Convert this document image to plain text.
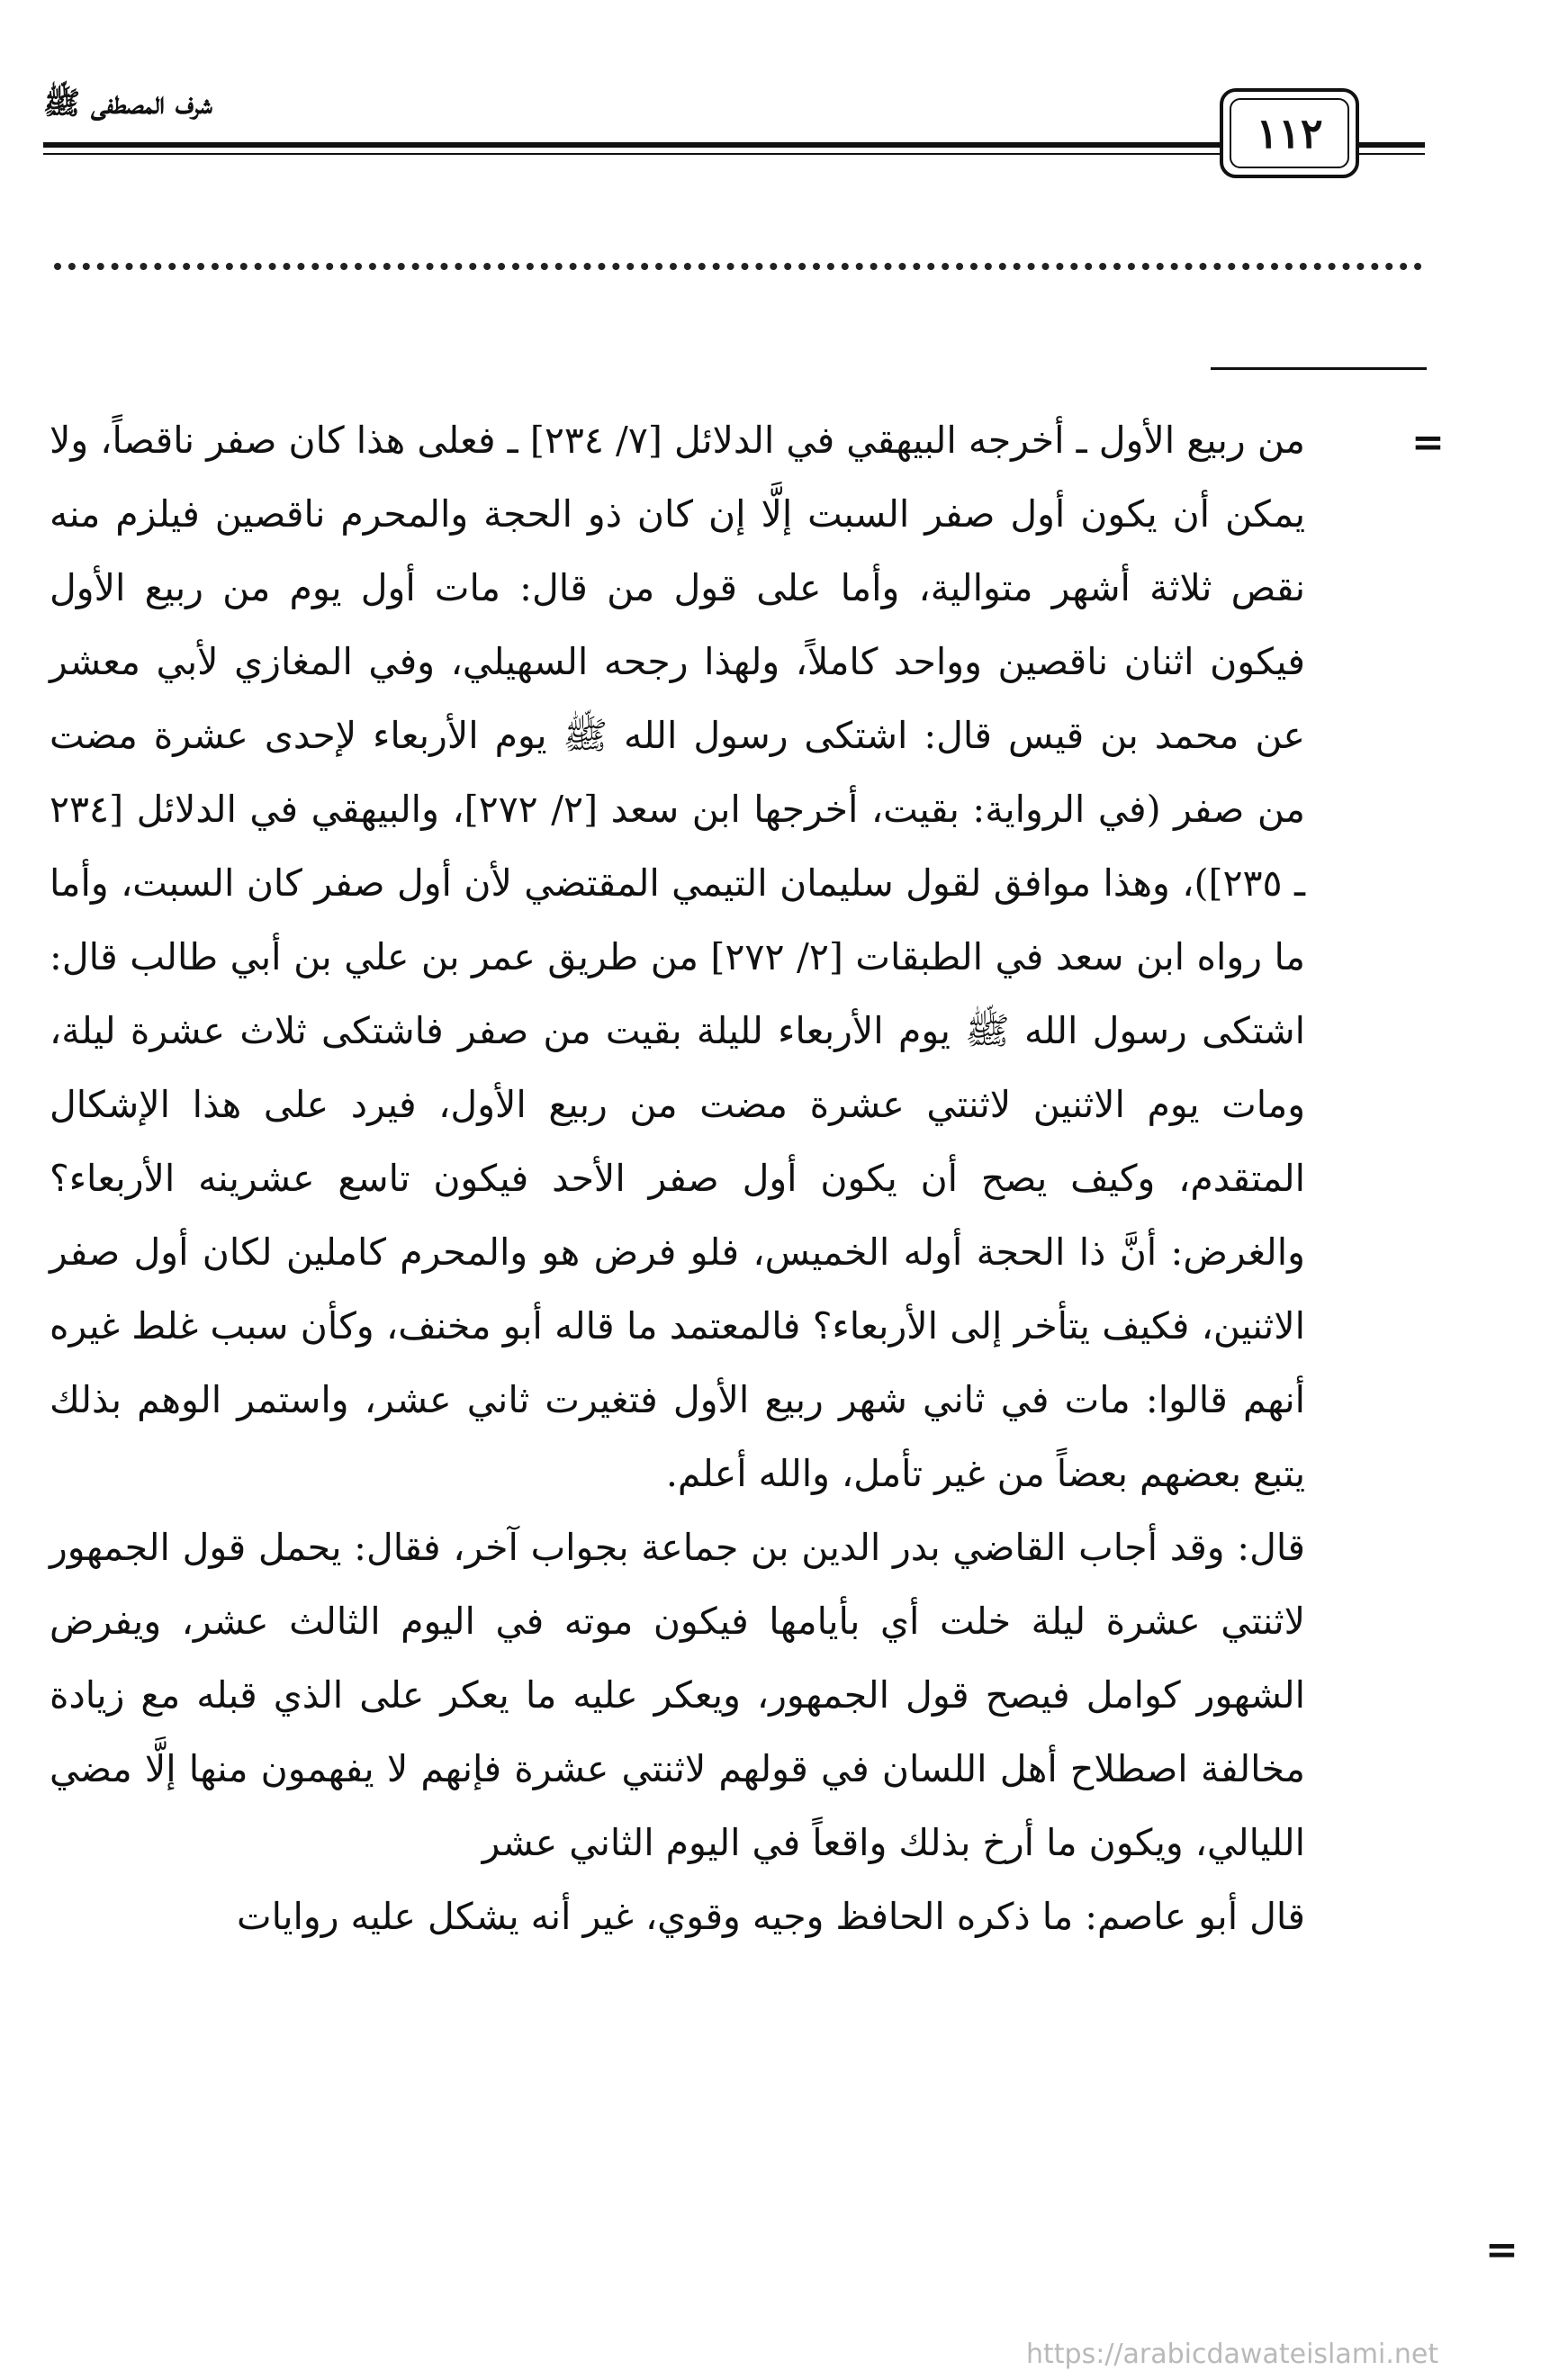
شرف المصطفى ﷺ
١١٢
=
=

من ربيع الأول ـ أخرجه البيهقي في الدلائل [٧/ ٢٣٤] ـ فعلى هذا كان صفر ناقصاً، ولا يمكن أن يكون أول صفر السبت إلَّا إن كان ذو الحجة والمحرم ناقصين فيلزم منه نقص ثلاثة أشهر متوالية، وأما على قول من قال: مات أول يوم من ربيع الأول فيكون اثنان ناقصين وواحد كاملاً، ولهذا رجحه السهيلي، وفي المغازي لأبي معشر عن محمد بن قيس قال: اشتكى رسول الله ﷺ يوم الأربعاء لإحدى عشرة مضت من صفر (في الرواية: بقيت، أخرجها ابن سعد [٢/ ٢٧٢]، والبيهقي في الدلائل [٢٣٤ ـ ٢٣٥])، وهذا موافق لقول سليمان التيمي المقتضي لأن أول صفر كان السبت، وأما ما رواه ابن سعد في الطبقات [٢/ ٢٧٢] من طريق عمر بن علي بن أبي طالب قال: اشتكى رسول الله ﷺ يوم الأربعاء لليلة بقيت من صفر فاشتكى ثلاث عشرة ليلة، ومات يوم الاثنين لاثنتي عشرة مضت من ربيع الأول، فيرد على هذا الإشكال المتقدم، وكيف يصح أن يكون أول صفر الأحد فيكون تاسع عشرينه الأربعاء؟ والغرض: أنَّ ذا الحجة أوله الخميس، فلو فرض هو والمحرم كاملين لكان أول صفر الاثنين، فكيف يتأخر إلى الأربعاء؟ فالمعتمد ما قاله أبو مخنف، وكأن سبب غلط غيره أنهم قالوا: مات في ثاني شهر ربيع الأول فتغيرت ثاني عشر، واستمر الوهم بذلك يتبع بعضهم بعضاً من غير تأمل، والله أعلم.

قال: وقد أجاب القاضي بدر الدين بن جماعة بجواب آخر، فقال: يحمل قول الجمهور لاثنتي عشرة ليلة خلت أي بأيامها فيكون موته في اليوم الثالث عشر، ويفرض الشهور كوامل فيصح قول الجمهور، ويعكر عليه ما يعكر على الذي قبله مع زيادة مخالفة اصطلاح أهل اللسان في قولهم لاثنتي عشرة فإنهم لا يفهمون منها إلَّا مضي الليالي، ويكون ما أرخ بذلك واقعاً في اليوم الثاني عشر

قال أبو عاصم: ما ذكره الحافظ وجيه وقوي، غير أنه يشكل عليه روايات

https://arabicdawateislami.net
